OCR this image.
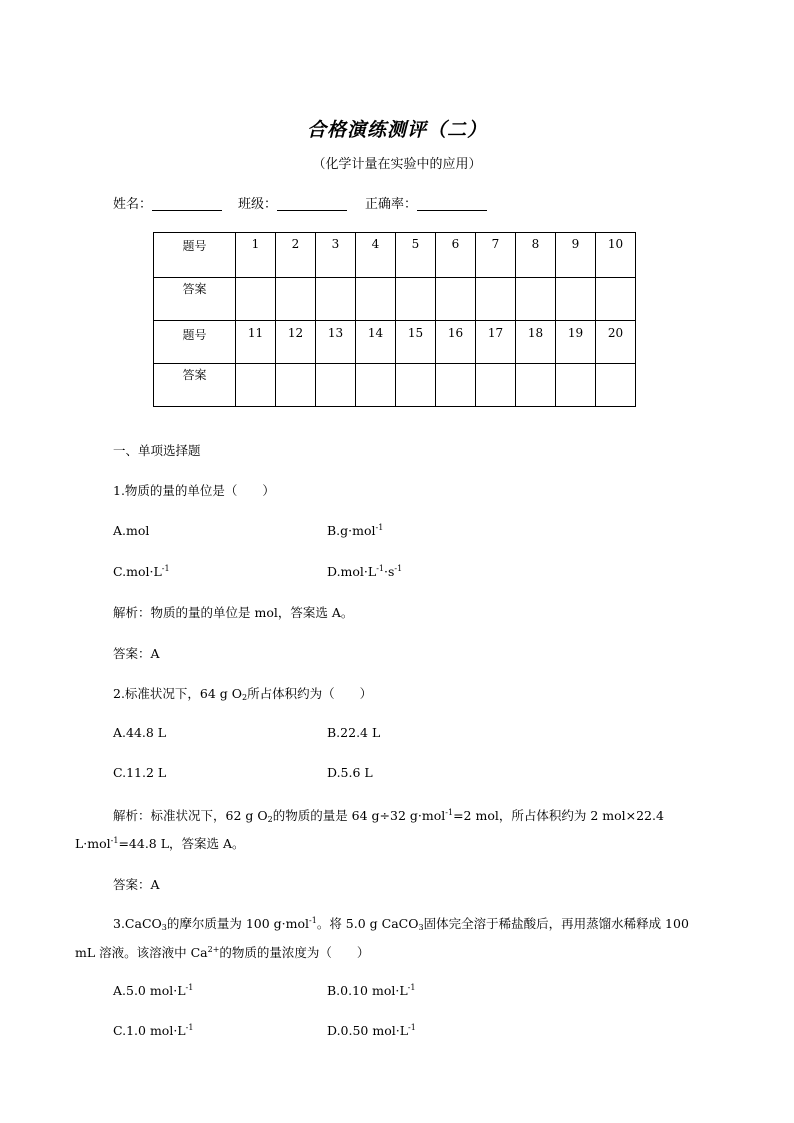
合格演练测评（二）
（化学计量在实验中的应用）
姓名：	班级：	正确率：
题号	1	2	3	4	5	6	7	8	9	10
答案										
题号	11	12	13	14	15	16	17	18	19	20
答案										
一、单项选择题
1.物质的量的单位是（　　）
A.mol	B.g·mol$^{-1}$
$C.mol\cdot L^{-1}$	$D.mol\cdot L^{-1}\cdot s^{-1}$
解析：物质的量的单位是 mol，答案选 A。
答案：A
2.标准状况下，64 g $O_2$所占体积约为（　　）
A.44.8 L	B.22.4 L
C.11.2 L	D.5.6 L
解析：标准状况下，62 g $O_2$的物质的量是 64 g÷32 g·mol$^{-1}$=2 mol，所占体积约为 2 mol×22.4
L·mol$^{-1}$=44.8 L，答案选 A。
答案：A
3.CaCO$_3$的摩尔质量为 100 g·mol$^{-1}$。将 5.0 g CaCO$_3$固体完全溶于稀盐酸后，再用蒸馏水稀释成 100
mL 溶液。该溶液中 $Ca^{2+}$的物质的量浓度为（　　）
A.5.0 $mol\cdot L^{-1}$	B.0.10 $mol\cdot L^{-1}$
C.1.0 $mol\cdot L^{-1}$	D.0.50 $mol\cdot L^{-1}$
